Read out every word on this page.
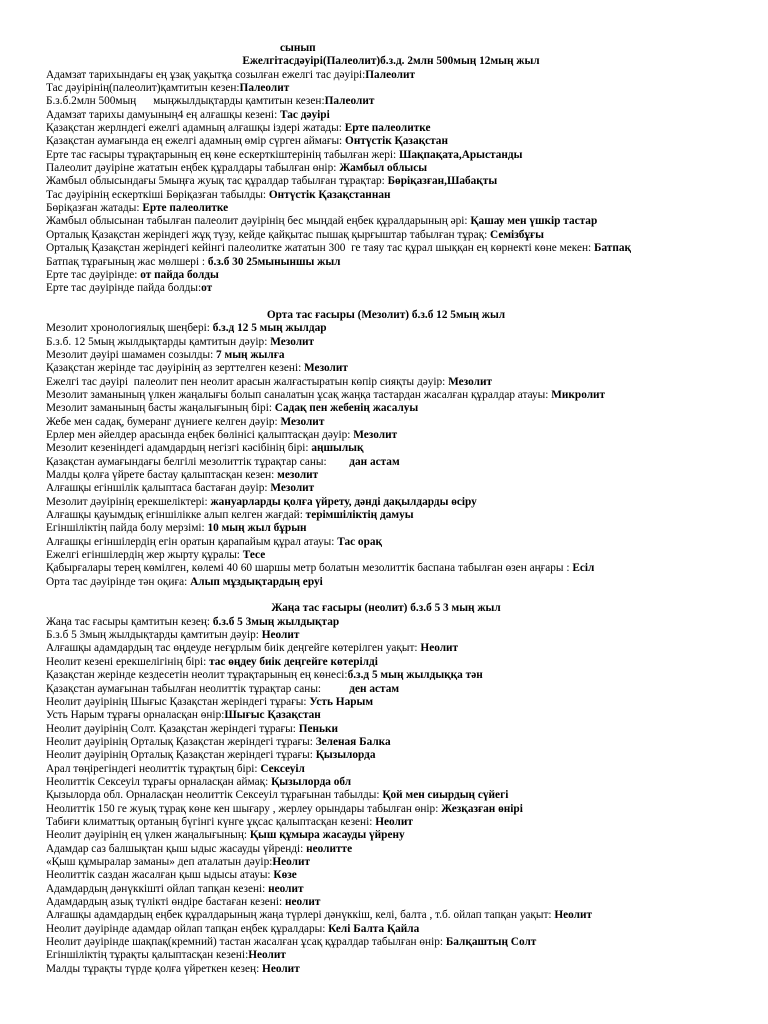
сынып
Ежелгітасдәуірі(Палеолит)б.з.д. 2млн 500мың 12мың жыл
Адамзат тарихындағы ең ұзақ уақытқа созылған ежелгі тас дәуірі:Палеолит
Тас дәуірінің(палеолит)қамтитын кезен:Палеолит
Б.з.б.2млн 500мың      мыңжылдықтарды қамтитын кезен:Палеолит
Адамзат тарихы дамуының4 ең алғашқы кезені: Тас дәуірі
Қазақстан жерлндегі ежелгі адамның алғашқы іздері жатады: Ерте палеолитке
Қазақстан аумағында ең ежелгі адамның өмір сүрген аймағы: Онтүстік Қазақстан
Ерте тас ғасыры тұрақтарының ең көне ескерткіштерінің табылған жері: Шақпақата,Арыстанды
Палеолит дәуіріне жататын еңбек құралдары табылған өнір: Жамбыл облысы
Жамбыл облысындағы 5мыңға жуық тас құралдар табылған тұрақтар: Бөріқазған,Шабақты
Тас дәуірінің ескерткіші Бөріқазған табылды: Онтүстік Қазақстаннан
Бөріқазған жатады: Ерте палеолитке
Жамбыл облысынан табылған палеолит дәуірінің бес мыңдай еңбек құралдарының әрі: Қашау мен үшкір тастар
Орталық Қазақстан жеріндегі жұқ түзу, кейде қайқытас пышақ қырғыштар табылған тұрақ: Семізбұғы
Орталық Қазақстан жеріндегі кейінгі палеолитке жататын 300  ге таяу тас құрал шыққан ең көрнекті көне мекен: Батпақ
Батпақ тұрағының жас мөлшері : б.з.б 30 25мыныншы жыл
Ерте тас дәуірінде: от пайда болды
Ерте тас дәуірінде пайда болды:от
Орта тас ғасыры (Мезолит) б.з.б 12 5мың жыл
Мезолит хронологиялық шеңбері: б.з.д 12 5 мың жылдар
Б.з.б. 12 5мың жылдықтарды қамтитын дәуір: Мезолит
Мезолит дәуірі шамамен созылды: 7 мың жылға
Қазақстан жерінде тас дәуірінің аз зерттелген кезені: Мезолит
Ежелгі тас дәуірі  палеолит пен неолит арасын жалғастыратын көпір сияқты дәуір: Мезолит
Мезолит заманының үлкен жаңалығы болып саналатын ұсақ жаңқа тастардан жасалған құралдар атауы: Микролит
Мезолит заманының басты жаңалығының бірі: Садақ пен жебенің жасалуы
Жебе мен садақ, бумеранг дүниеге келген дәуір: Мезолит
Ерлер мен әйелдер арасында еңбек бөлінісі қалыптасқан дәуір: Мезолит
Мезолит кезеніндегі адамдардың негізгі кәсібінің бірі: аңшылық
Қазақстан аумағындағы белгілі мезолиттік тұрақтар саны:        дан астам
Малды қолға үйрете бастау қалыптасқан кезен: мезолит
Алғашқы егіншілік қалыптаса бастаған дәуір: Мезолит
Мезолит дәуірінің ерекшеліктері: жануарларды қолға үйрету, дәнді дақылдарды өсіру
Алғашқы қауымдық егіншілікке алып келген жағдай: терімшіліктің дамуы
Егіншіліктің пайда болу мерзімі: 10 мың жыл бұрын
Алғашқы егіншілердің егін оратын қарапайым құрал атауы: Тас орақ
Ежелгі егіншілердің жер жырту құралы: Тесе
Қабырғалары терең көмілген, көлемі 40 60 шаршы метр болатын мезолиттік баспана табылған өзен аңғары : Есіл
Орта тас дәуірінде тән оқиға: Алып мұздықтардың еруі
Жаңа тас ғасыры (неолит) б.з.б 5 3 мың жыл
Жаңа тас ғасыры қамтитын кезең: б.з.б 5 3мың жылдықтар
Б.з.б 5 3мың жылдықтарды қамтитын дәуір: Неолит
Алғашқы адамдардың тас өңдеуде неғұрлым биік деңгейге көтерілген уақыт: Неолит
Неолит кезені ерекшелігінің бірі: тас өңдеу биік деңгейге көтерілді
Қазақстан жерінде кездесетін неолит тұрақтарының ең көнесі:б.з.д 5 мың жылдыққа тән
Қазақстан аумағынан табылған неолиттік тұрақтар саны:          ден астам
Неолит дәуірінің Шығыс Қазақстан жеріндегі тұрағы: Усть Нарым
Усть Нарым тұрағы орналасқан өнір:Шығыс Қазақстан
Неолит дәуірінің Солт. Қазақстан жеріндегі тұрағы: Пеньки
Неолит дәуірінің Орталық Қазақстан жеріндегі тұрағы: Зеленая Балка
Неолит дәуірінің Орталық Қазақстан жеріндегі тұрағы: Қызылорда
Арал төңірегіндегі неолиттік тұрақтың бірі: Сексеуіл
Неолиттік Сексеуіл тұрағы орналасқан аймақ: Қызылорда обл
Қызылорда обл. Орналасқан неолиттік Сексеуіл тұрағынан табылды: Қой мен сиырдың сүйегі
Неолиттік 150 ге жуық тұрақ көне кен шығару , жерлеу орындары табылған өнір: Жезқазған өнірі
Табиғи климаттық ортаның бүгінгі күнге ұқсас қалыптасқан кезені: Неолит
Неолит дәуірінің ең үлкен жаңалығының: Қыш құмыра жасауды үйрену
Адамдар саз балшықтан қыш ыдыс жасауды үйренді: неолитте
«Қыш құмыралар заманы» деп аталатын дәуір:Неолит
Неолиттік саздан жасалған қыш ыдысы атауы: Көзе
Адамдардың дәнүккішті ойлап тапқан кезені: неолит
Адамдардың азық түлікті өндіре бастаған кезені: неолит
Алғашқы адамдардың еңбек құралдарының жаңа түрлері дәнүккіш, келі, балта , т.б. ойлап тапқан уақыт: Неолит
Неолит дәуірінде адамдар ойлап тапқан еңбек құралдары: Келі Балта Қайла
Неолит дәуірінде шақпақ(кремний) тастан жасалған ұсақ құралдар табылған өнір: Балқаштың Солт
Егіншіліктің тұрақты қалыптасқан кезені:Неолит
Малды тұрақты түрде қолға үйреткен кезең: Неолит
